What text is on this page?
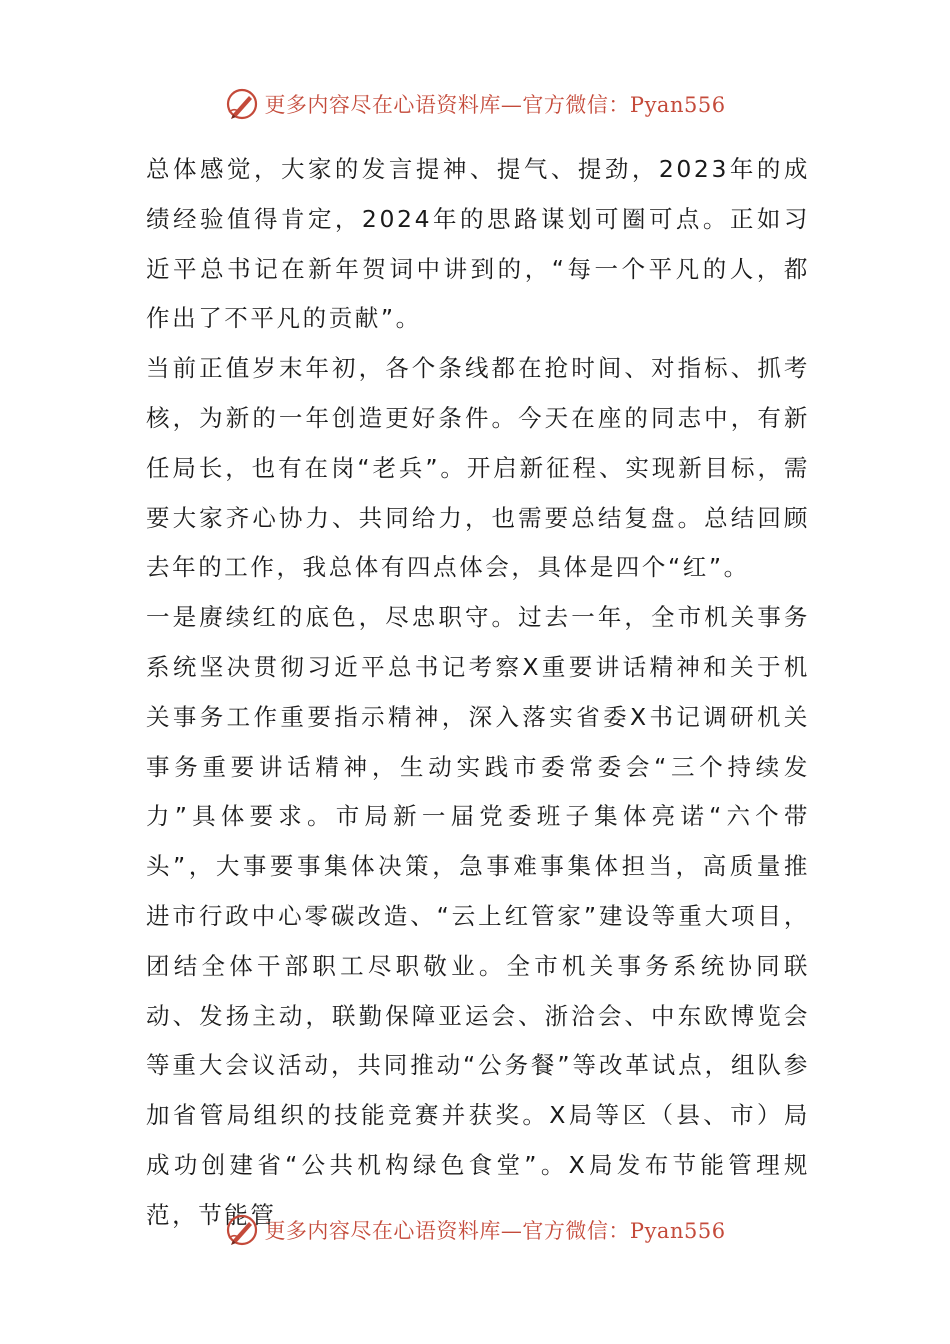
更多内容尽在心语资料库—官方微信：Pyan556

总体感觉，大家的发言提神、提气、提劲，2023年的成绩经验值得肯定，2024年的思路谋划可圈可点。正如习近平总书记在新年贺词中讲到的，“每一个平凡的人，都作出了不平凡的贡献”。

当前正值岁末年初，各个条线都在抢时间、对指标、抓考核，为新的一年创造更好条件。今天在座的同志中，有新任局长，也有在岗“老兵”。开启新征程、实现新目标，需要大家齐心协力、共同给力，也需要总结复盘。总结回顾去年的工作，我总体有四点体会，具体是四个“红”。

一是赓续红的底色，尽忠职守。过去一年，全市机关事务系统坚决贯彻习近平总书记考察X重要讲话精神和关于机关事务工作重要指示精神，深入落实省委X书记调研机关事务重要讲话精神，生动实践市委常委会“三个持续发力”具体要求。市局新一届党委班子集体亮诺“六个带头”，大事要事集体决策，急事难事集体担当，高质量推进市行政中心零碳改造、“云上红管家”建设等重大项目，团结全体干部职工尽职敬业。全市机关事务系统协同联动、发扬主动，联勤保障亚运会、浙洽会、中东欧博览会等重大会议活动，共同推动“公务餐”等改革试点，组队参加省管局组织的技能竞赛并获奖。X局等区（县、市）局成功创建省“公共机构绿色食堂”。X局发布节能管理规范，节能管

更多内容尽在心语资料库—官方微信：Pyan556
